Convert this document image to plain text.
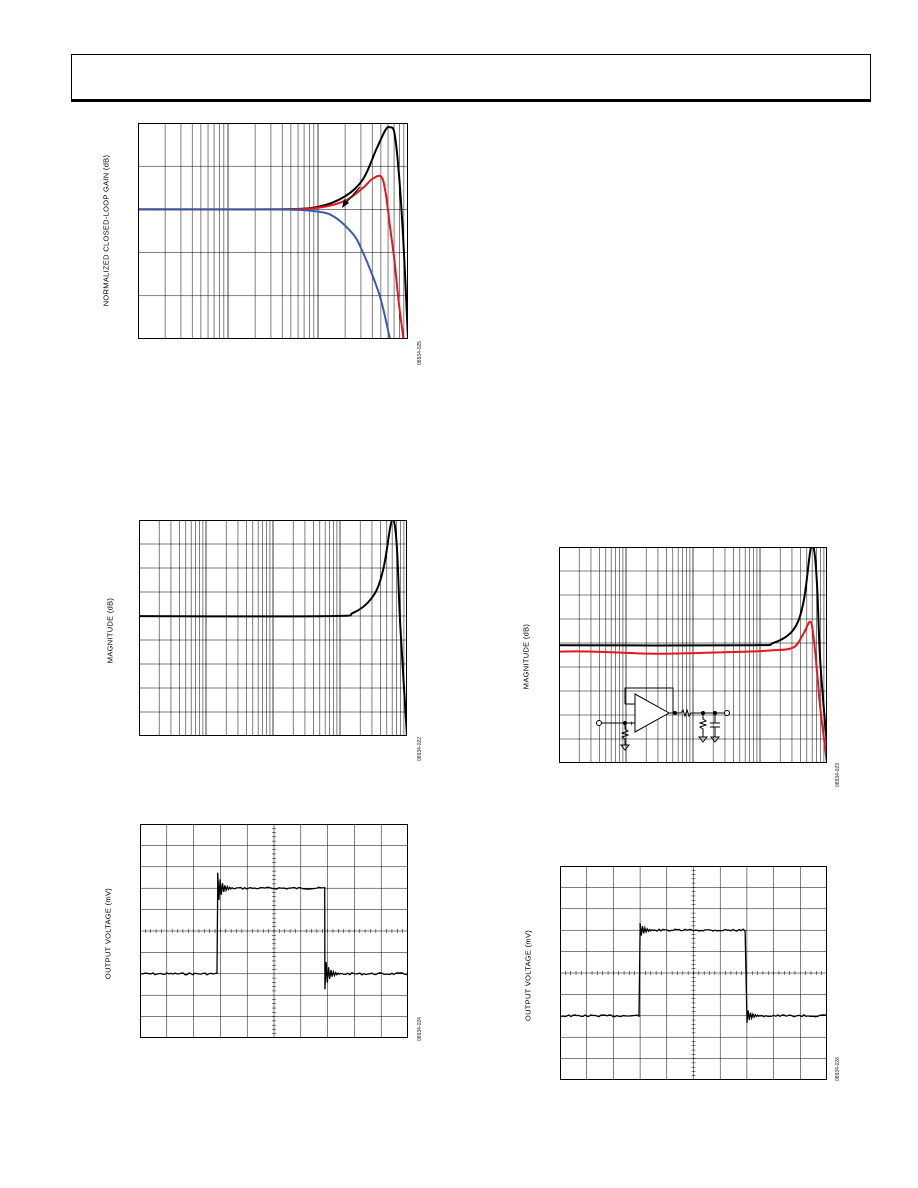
NORMALIZED CLOSED-LOOP GAIN (dB)
08934-025
MAGNITUDE (dB)
08934-022
OUTPUT VOLTAGE (mV)
08934-024
−
+
MAGNITUDE (dB)
08934-023
OUTPUT VOLTAGE (mV)
08934-026
